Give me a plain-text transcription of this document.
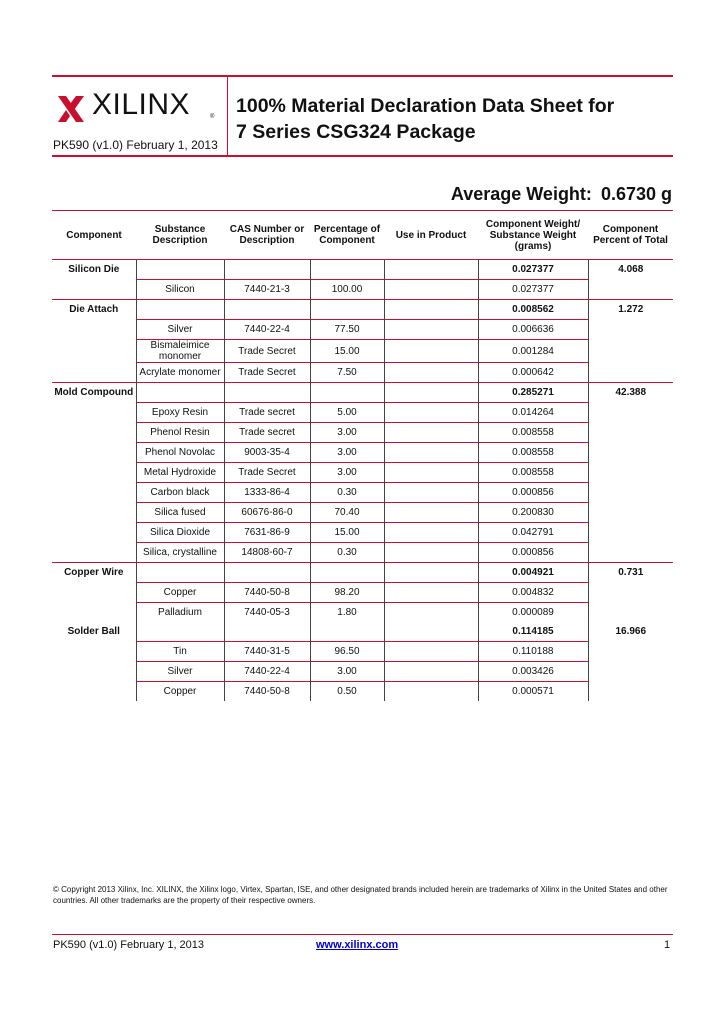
XILINX	®
PK590 (v1.0) February 1, 2013
100% Material Declaration Data Sheet for
7 Series CSG324 Package
Average Weight: 0.6730 g
Component	Substance Description	CAS Number or Description	Percentage of Component	Use in Product	Component Weight/ Substance Weight (grams)	Component Percent of Total
Silicon Die					0.027377	4.068
	Silicon	7440-21-3	100.00		0.027377	
Die Attach					0.008562	1.272
	Silver	7440-22-4	77.50		0.006636	
	Bismaleimice monomer	Trade Secret	15.00		0.001284	
	Acrylate monomer	Trade Secret	7.50		0.000642	
Mold Compound					0.285271	42.388
	Epoxy Resin	Trade secret	5.00		0.014264	
	Phenol Resin	Trade secret	3.00		0.008558	
	Phenol Novolac	9003-35-4	3.00		0.008558	
	Metal Hydroxide	Trade Secret	3.00		0.008558	
	Carbon black	1333-86-4	0.30		0.000856	
	Silica fused	60676-86-0	70.40		0.200830	
	Silica Dioxide	7631-86-9	15.00		0.042791	
	Silica, crystalline	14808-60-7	0.30		0.000856	
Copper Wire					0.004921	0.731
	Copper	7440-50-8	98.20		0.004832	
	Palladium	7440-05-3	1.80		0.000089	
Solder Ball					0.114185	16.966
	Tin	7440-31-5	96.50		0.110188	
	Silver	7440-22-4	3.00		0.003426	
	Copper	7440-50-8	0.50		0.000571	
© Copyright 2013 Xilinx, Inc. XILINX, the Xilinx logo, Virtex, Spartan, ISE, and other designated brands included herein are trademarks of Xilinx in the United States and other countries. All other trademarks are the property of their respective owners.
PK590 (v1.0) February 1, 2013	www.xilinx.com	1
